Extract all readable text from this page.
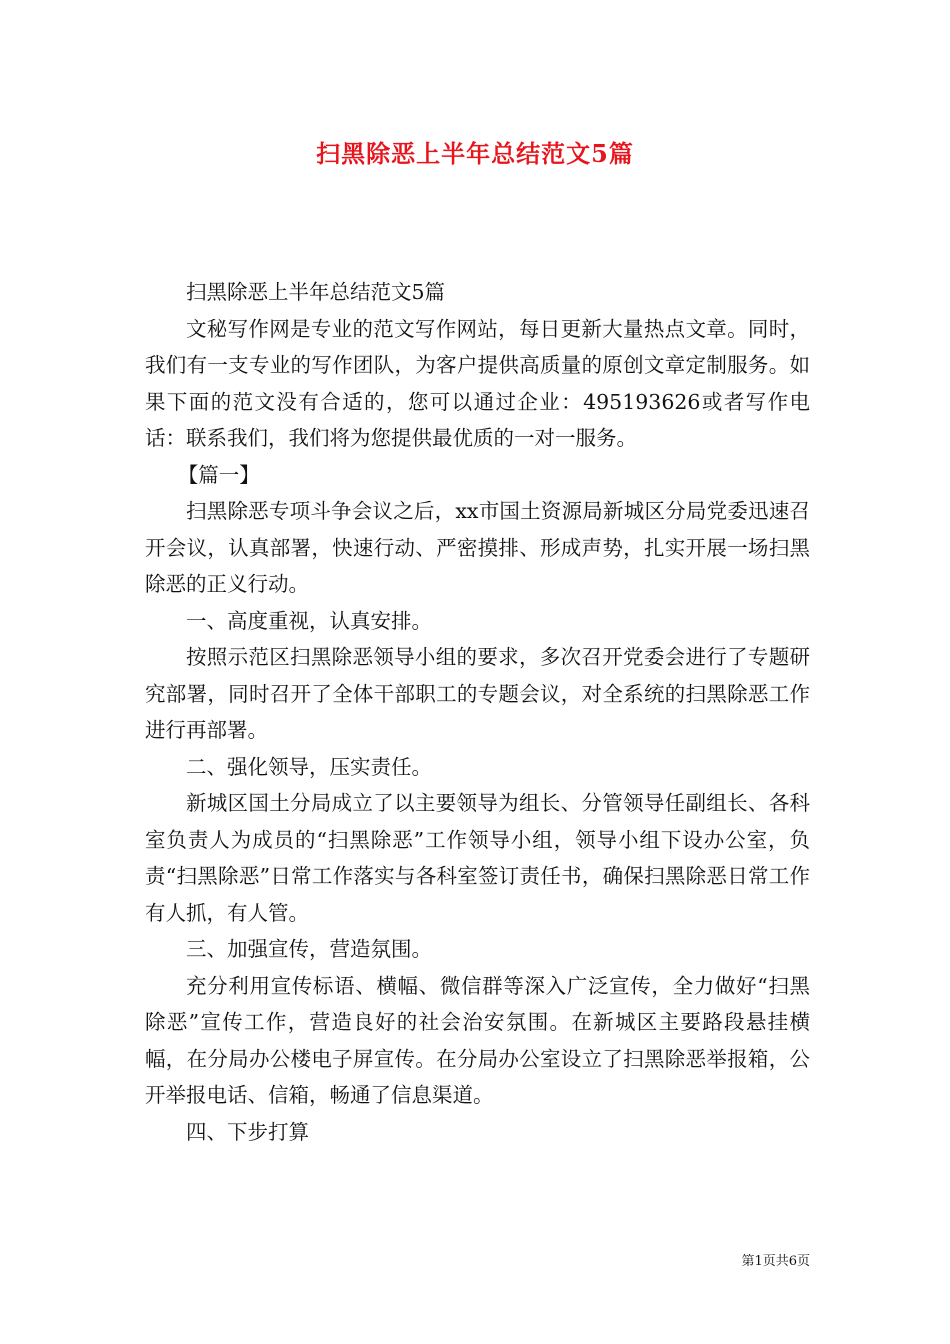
扫黑除恶上半年总结范文5篇

扫黑除恶上半年总结范文5篇

文秘写作网是专业的范文写作网站，每日更新大量热点文章。同时，我们有一支专业的写作团队，为客户提供高质量的原创文章定制服务。如果下面的范文没有合适的，您可以通过企业：495193626或者写作电话：联系我们，我们将为您提供最优质的一对一服务。

【篇一】

扫黑除恶专项斗争会议之后，xx市国土资源局新城区分局党委迅速召开会议，认真部署，快速行动、严密摸排、形成声势，扎实开展一场扫黑除恶的正义行动。

一、高度重视，认真安排。

按照示范区扫黑除恶领导小组的要求，多次召开党委会进行了专题研究部署，同时召开了全体干部职工的专题会议，对全系统的扫黑除恶工作进行再部署。

二、强化领导，压实责任。

新城区国土分局成立了以主要领导为组长、分管领导任副组长、各科室负责人为成员的“扫黑除恶”工作领导小组，领导小组下设办公室，负责“扫黑除恶”日常工作落实与各科室签订责任书，确保扫黑除恶日常工作有人抓，有人管。

三、加强宣传，营造氛围。

充分利用宣传标语、横幅、微信群等深入广泛宣传，全力做好“扫黑除恶”宣传工作，营造良好的社会治安氛围。在新城区主要路段悬挂横幅，在分局办公楼电子屏宣传。在分局办公室设立了扫黑除恶举报箱，公开举报电话、信箱，畅通了信息渠道。

四、下步打算

第1页共6页
